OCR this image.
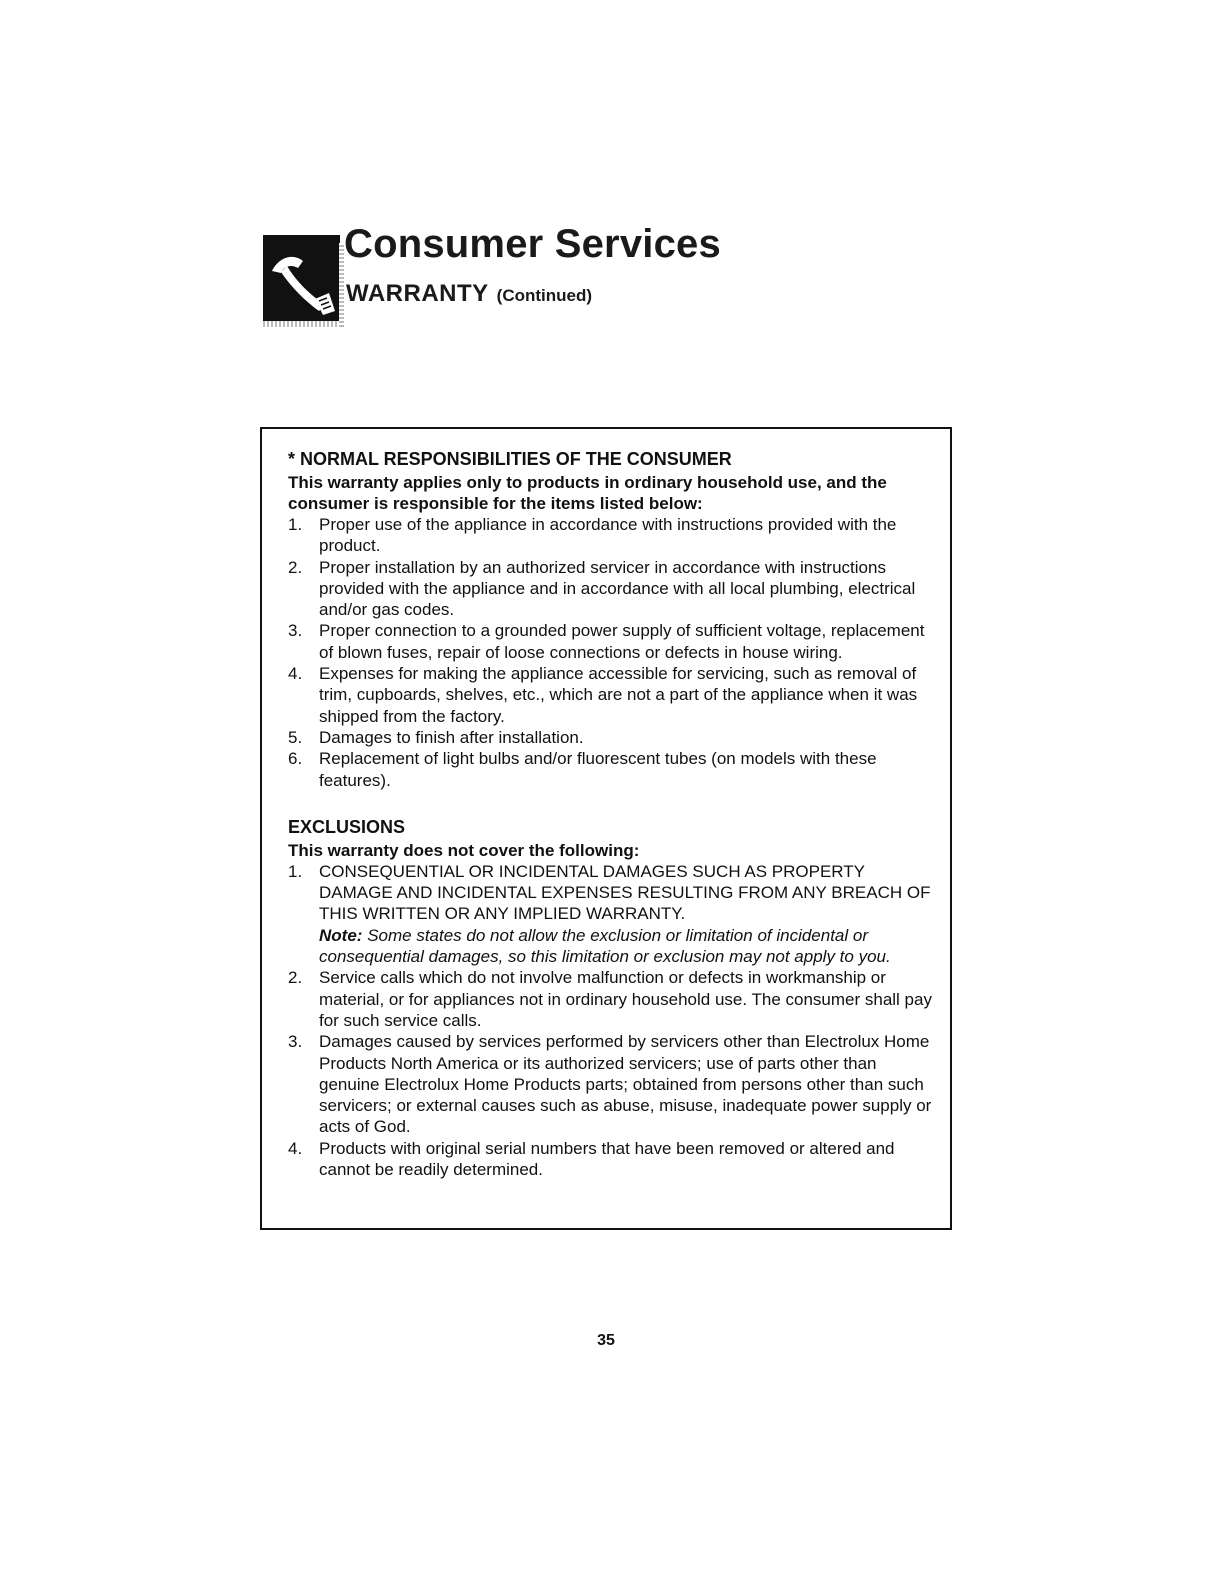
Consumer Services
WARRANTY (Continued)
* NORMAL RESPONSIBILITIES OF THE CONSUMER
This warranty applies only to products in ordinary household use, and the consumer is responsible for the items listed below:
1. Proper use of the appliance in accordance with instructions provided with the product.
2. Proper installation by an authorized servicer in accordance with instructions provided with the appliance and in accordance with all local plumbing, electrical and/or gas codes.
3. Proper connection to a grounded power supply of sufficient voltage, replacement of blown fuses, repair of loose connections or defects in house wiring.
4. Expenses for making the appliance accessible for servicing, such as removal of trim, cupboards, shelves, etc., which are not a part of the appliance when it was shipped from the factory.
5. Damages to finish after installation.
6. Replacement of light bulbs and/or fluorescent tubes (on models with these features).
EXCLUSIONS
This warranty does not cover the following:
1. CONSEQUENTIAL OR INCIDENTAL DAMAGES SUCH AS PROPERTY DAMAGE AND INCIDENTAL EXPENSES RESULTING FROM ANY BREACH OF THIS WRITTEN OR ANY IMPLIED WARRANTY.
Note: Some states do not allow the exclusion or limitation of incidental or consequential damages, so this limitation or exclusion may not apply to you.
2. Service calls which do not involve malfunction or defects in workmanship or material, or for appliances not in ordinary household use. The consumer shall pay for such service calls.
3. Damages caused by services performed by servicers other than Electrolux Home Products North America or its authorized servicers; use of parts other than genuine Electrolux Home Products parts; obtained from persons other than such servicers; or external causes such as abuse, misuse, inadequate power supply or acts of God.
4. Products with original serial numbers that have been removed or altered and cannot be readily determined.
35
